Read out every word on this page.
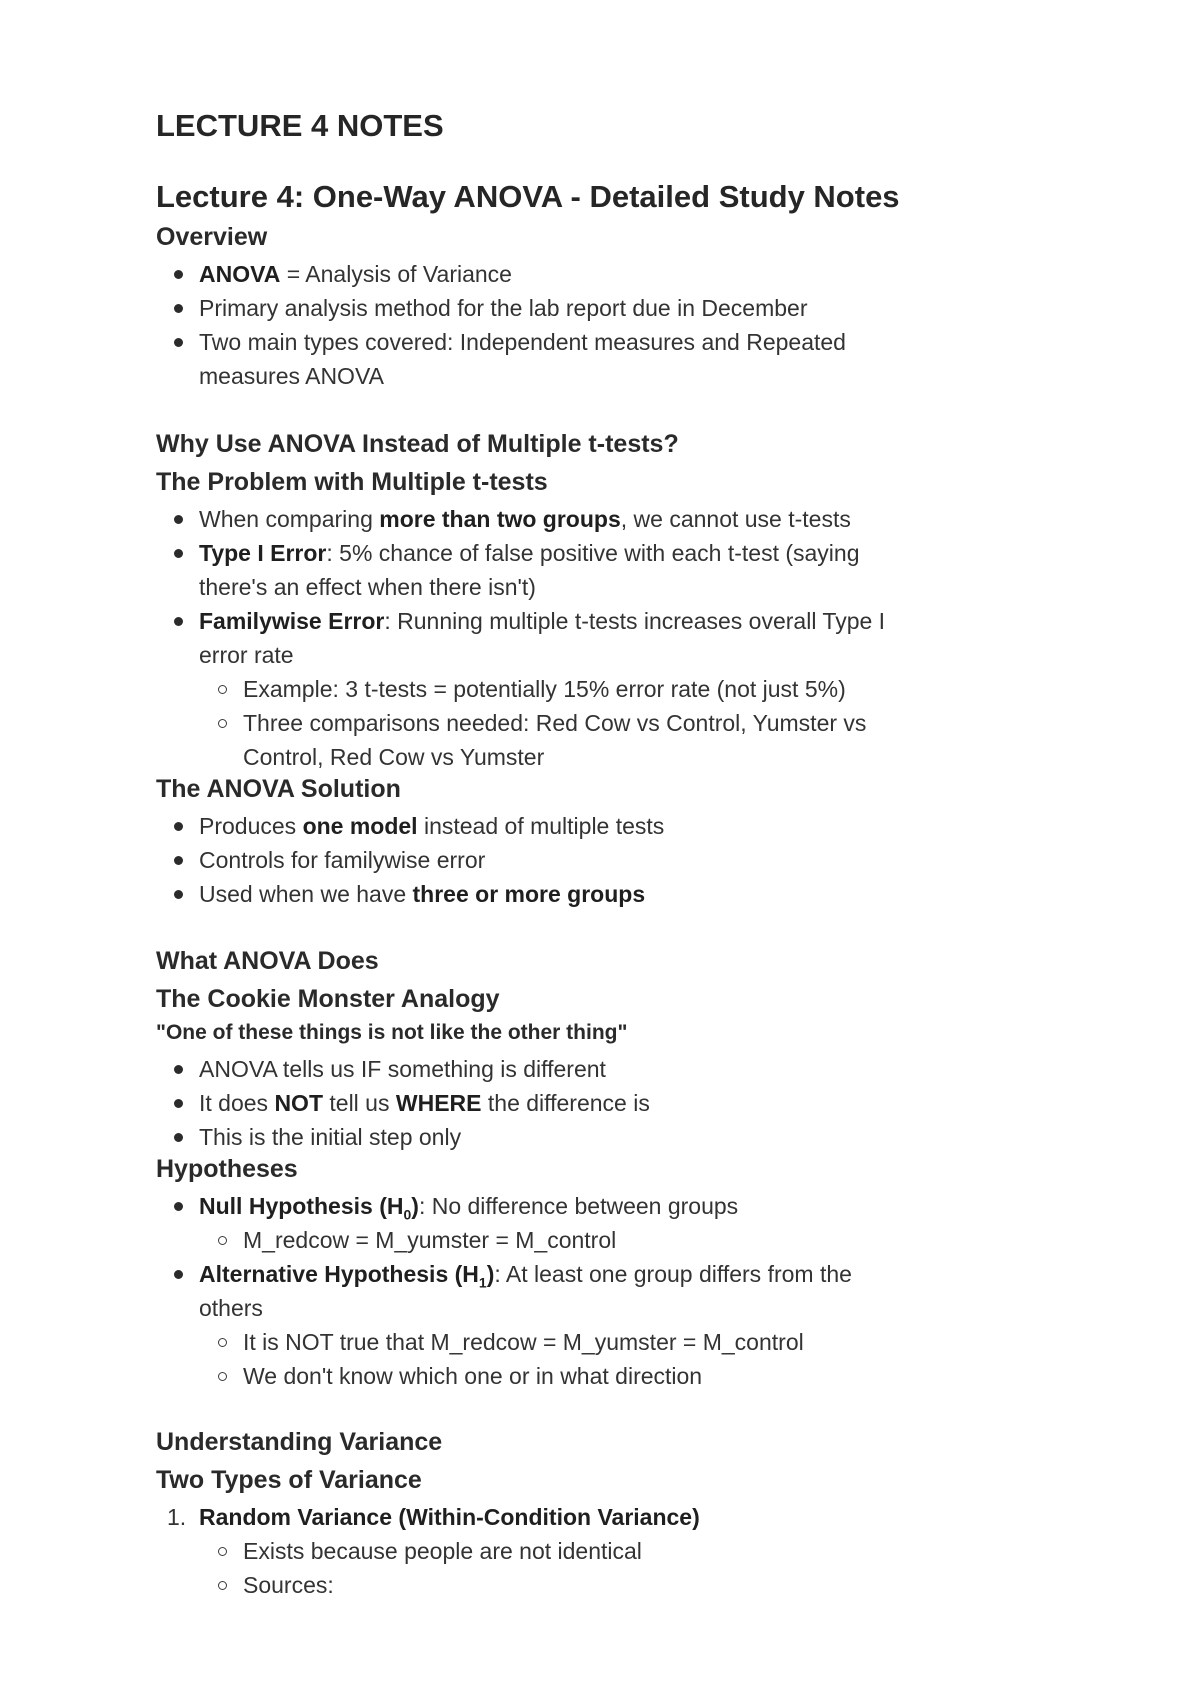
LECTURE 4 NOTES
Lecture 4: One-Way ANOVA - Detailed Study Notes
Overview
ANOVA = Analysis of Variance
Primary analysis method for the lab report due in December
Two main types covered: Independent measures and Repeated
measures ANOVA
Why Use ANOVA Instead of Multiple t-tests?
The Problem with Multiple t-tests
When comparing more than two groups, we cannot use t-tests
Type I Error: 5% chance of false positive with each t-test (saying
there's an effect when there isn't)
Familywise Error: Running multiple t-tests increases overall Type I
error rate
Example: 3 t-tests = potentially 15% error rate (not just 5%)
Three comparisons needed: Red Cow vs Control, Yumster vs
Control, Red Cow vs Yumster
The ANOVA Solution
Produces one model instead of multiple tests
Controls for familywise error
Used when we have three or more groups
What ANOVA Does
The Cookie Monster Analogy
"One of these things is not like the other thing"
ANOVA tells us IF something is different
It does NOT tell us WHERE the difference is
This is the initial step only
Hypotheses
Null Hypothesis $(H_0)$: No difference between groups
M_redcow = M_yumster = M_control
Alternative Hypothesis $(H_1)$: At least one group differs from the
others
It is NOT true that M_redcow = M_yumster = M_control
We don't know which one or in what direction
Understanding Variance
Two Types of Variance
1. Random Variance (Within-Condition Variance)
Exists because people are not identical
Sources:
